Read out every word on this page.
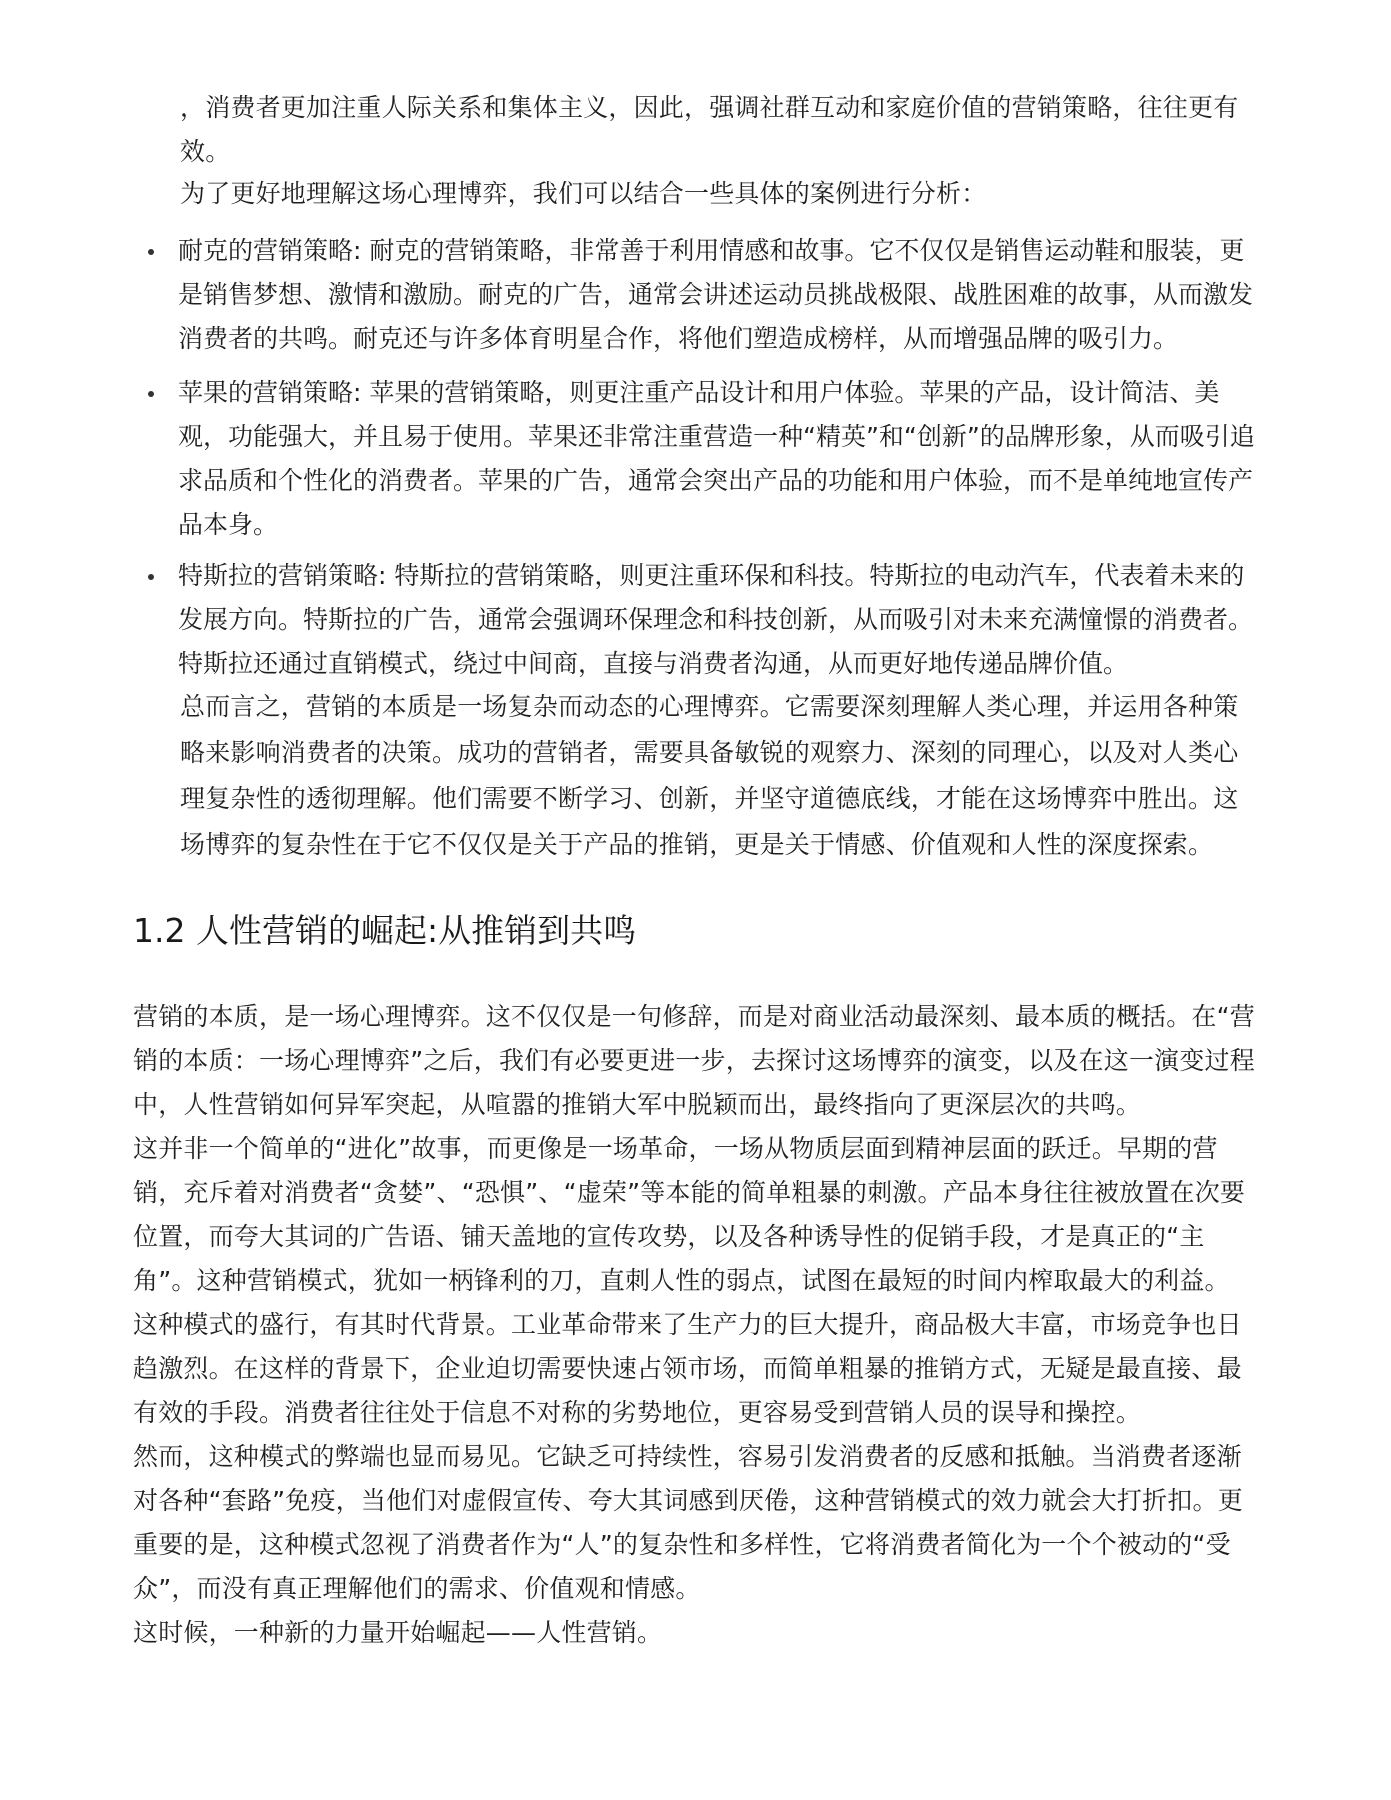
，消费者更加注重人际关系和集体主义，因此，强调社群互动和家庭价值的营销策略，往往更有效。

为了更好地理解这场心理博弈，我们可以结合一些具体的案例进行分析：

耐克的营销策略: 耐克的营销策略，非常善于利用情感和故事。它不仅仅是销售运动鞋和服装，更是销售梦想、激情和激励。耐克的广告，通常会讲述运动员挑战极限、战胜困难的故事，从而激发消费者的共鸣。耐克还与许多体育明星合作，将他们塑造成榜样，从而增强品牌的吸引力。

苹果的营销策略: 苹果的营销策略，则更注重产品设计和用户体验。苹果的产品，设计简洁、美观，功能强大，并且易于使用。苹果还非常注重营造一种“精英”和“创新”的品牌形象，从而吸引追求品质和个性化的消费者。苹果的广告，通常会突出产品的功能和用户体验，而不是单纯地宣传产品本身。

特斯拉的营销策略: 特斯拉的营销策略，则更注重环保和科技。特斯拉的电动汽车，代表着未来的发展方向。特斯拉的广告，通常会强调环保理念和科技创新，从而吸引对未来充满憧憬的消费者。特斯拉还通过直销模式，绕过中间商，直接与消费者沟通，从而更好地传递品牌价值。

总而言之，营销的本质是一场复杂而动态的心理博弈。它需要深刻理解人类心理，并运用各种策略来影响消费者的决策。成功的营销者，需要具备敏锐的观察力、深刻的同理心，以及对人类心理复杂性的透彻理解。他们需要不断学习、创新，并坚守道德底线，才能在这场博弈中胜出。这场博弈的复杂性在于它不仅仅是关于产品的推销，更是关于情感、价值观和人性的深度探索。

1.2 人性营销的崛起:从推销到共鸣

营销的本质，是一场心理博弈。这不仅仅是一句修辞，而是对商业活动最深刻、最本质的概括。在“营销的本质：一场心理博弈”之后，我们有必要更进一步，去探讨这场博弈的演变，以及在这一演变过程中，人性营销如何异军突起，从喧嚣的推销大军中脱颖而出，最终指向了更深层次的共鸣。

这并非一个简单的“进化”故事，而更像是一场革命，一场从物质层面到精神层面的跃迁。早期的营销，充斥着对消费者“贪婪”、“恐惧”、“虚荣”等本能的简单粗暴的刺激。产品本身往往被放置在次要位置，而夸大其词的广告语、铺天盖地的宣传攻势，以及各种诱导性的促销手段，才是真正的“主角”。这种营销模式，犹如一柄锋利的刀，直刺人性的弱点，试图在最短的时间内榨取最大的利益。

这种模式的盛行，有其时代背景。工业革命带来了生产力的巨大提升，商品极大丰富，市场竞争也日趋激烈。在这样的背景下，企业迫切需要快速占领市场，而简单粗暴的推销方式，无疑是最直接、最有效的手段。消费者往往处于信息不对称的劣势地位，更容易受到营销人员的误导和操控。

然而，这种模式的弊端也显而易见。它缺乏可持续性，容易引发消费者的反感和抵触。当消费者逐渐对各种“套路”免疫，当他们对虚假宣传、夸大其词感到厌倦，这种营销模式的效力就会大打折扣。更重要的是，这种模式忽视了消费者作为“人”的复杂性和多样性，它将消费者简化为一个个被动的“受众”，而没有真正理解他们的需求、价值观和情感。

这时候，一种新的力量开始崛起——人性营销。
